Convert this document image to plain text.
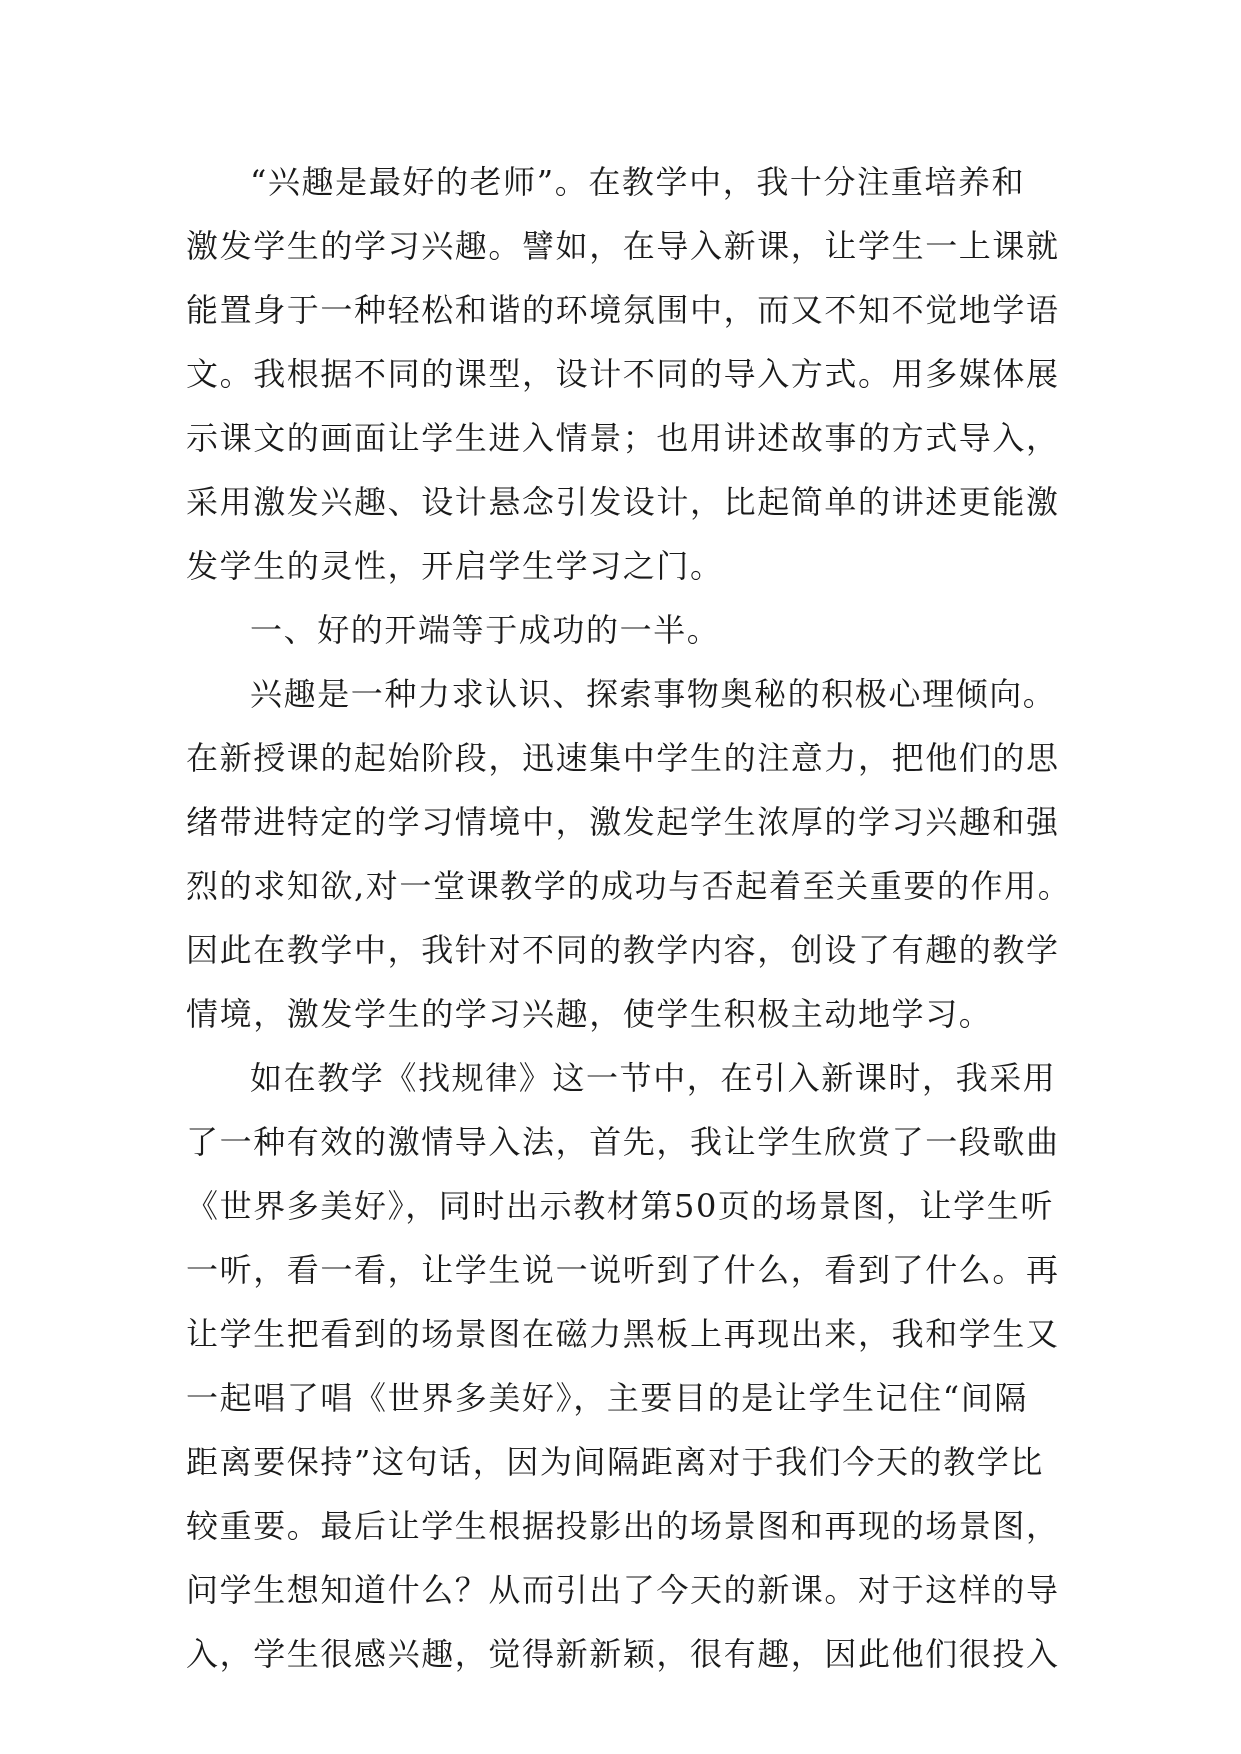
“兴趣是最好的老师”。在教学中，我十分注重培养和
激发学生的学习兴趣。譬如，在导入新课，让学生一上课就
能置身于一种轻松和谐的环境氛围中，而又不知不觉地学语
文。我根据不同的课型，设计不同的导入方式。用多媒体展
示课文的画面让学生进入情景；也用讲述故事的方式导入，
采用激发兴趣、设计悬念引发设计，比起简单的讲述更能激
发学生的灵性，开启学生学习之门。
一、好的开端等于成功的一半。
兴趣是一种力求认识、探索事物奥秘的积极心理倾向。
在新授课的起始阶段，迅速集中学生的注意力，把他们的思
绪带进特定的学习情境中，激发起学生浓厚的学习兴趣和强
烈的求知欲,对一堂课教学的成功与否起着至关重要的作用。
因此在教学中，我针对不同的教学内容，创设了有趣的教学
情境，激发学生的学习兴趣，使学生积极主动地学习。
如在教学《找规律》这一节中，在引入新课时，我采用
了一种有效的激情导入法，首先，我让学生欣赏了一段歌曲
《世界多美好》，同时出示教材第50页的场景图，让学生听
一听，看一看，让学生说一说听到了什么，看到了什么。再
让学生把看到的场景图在磁力黑板上再现出来，我和学生又
一起唱了唱《世界多美好》，主要目的是让学生记住“间隔
距离要保持”这句话，因为间隔距离对于我们今天的教学比
较重要。最后让学生根据投影出的场景图和再现的场景图，
问学生想知道什么？从而引出了今天的新课。对于这样的导
入，学生很感兴趣，觉得新新颖，很有趣，因此他们很投入
